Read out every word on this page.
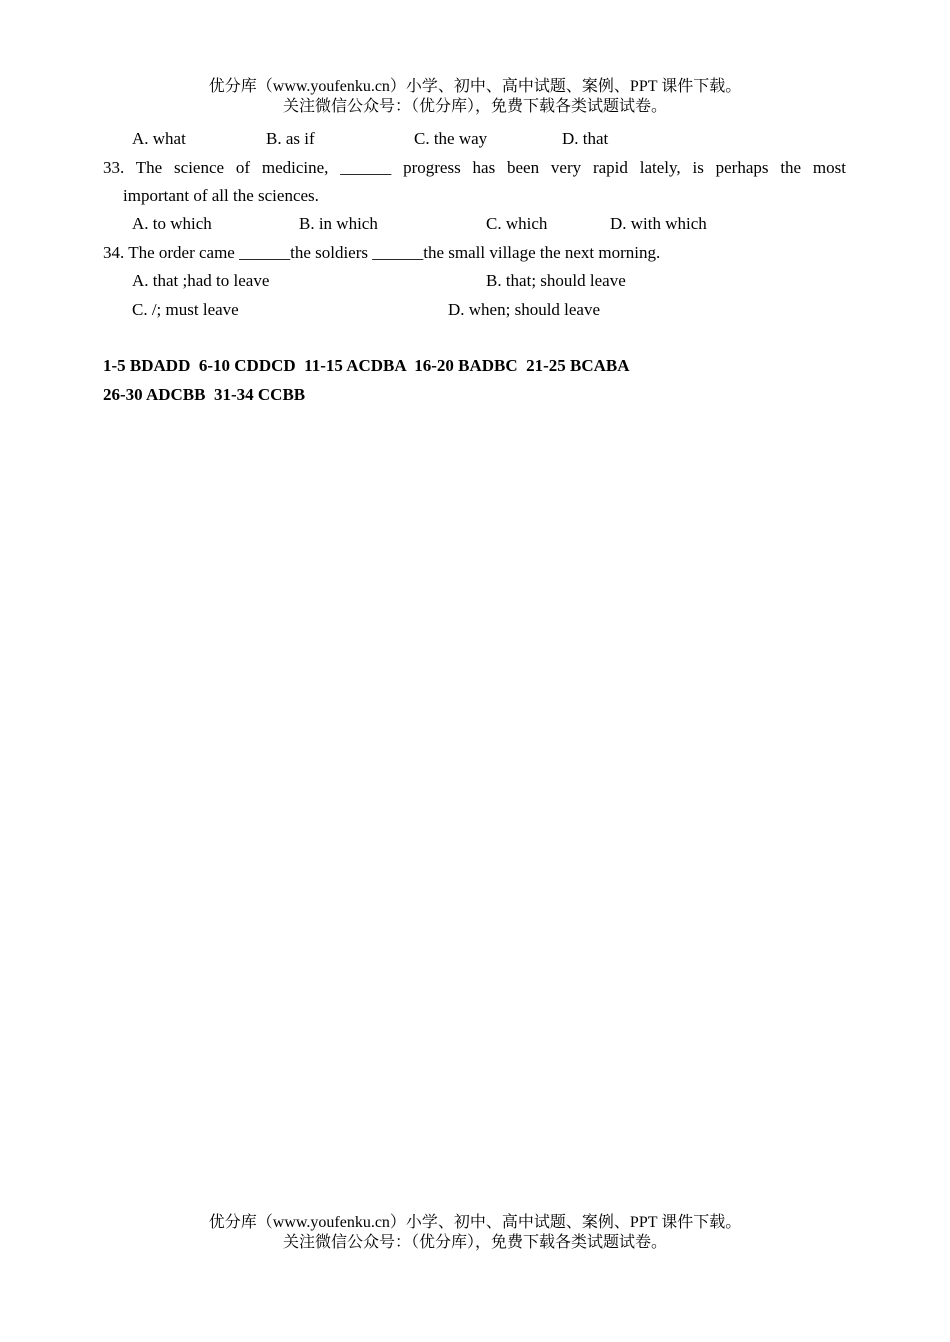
优分库（www.youfenku.cn）小学、初中、高中试题、案例、PPT 课件下载。
关注微信公众号：（优分库），免费下载各类试题试卷。
A. what	B. as if	C. the way	D. that
33. The science of medicine, ______ progress has been very rapid lately, is perhaps the most
important of all the sciences.
A. to which	B. in which	C. which	D. with which
34. The order came ______the soldiers ______the small village the next morning.
A. that ;had to leave	B. that; should leave
C. /; must leave	D. when; should leave
1-5 BDADD  6-10 CDDCD  11-15 ACDBA  16-20 BADBC  21-25 BCABA
26-30 ADCBB  31-34 CCBB
优分库（www.youfenku.cn）小学、初中、高中试题、案例、PPT 课件下载。
关注微信公众号：（优分库），免费下载各类试题试卷。
